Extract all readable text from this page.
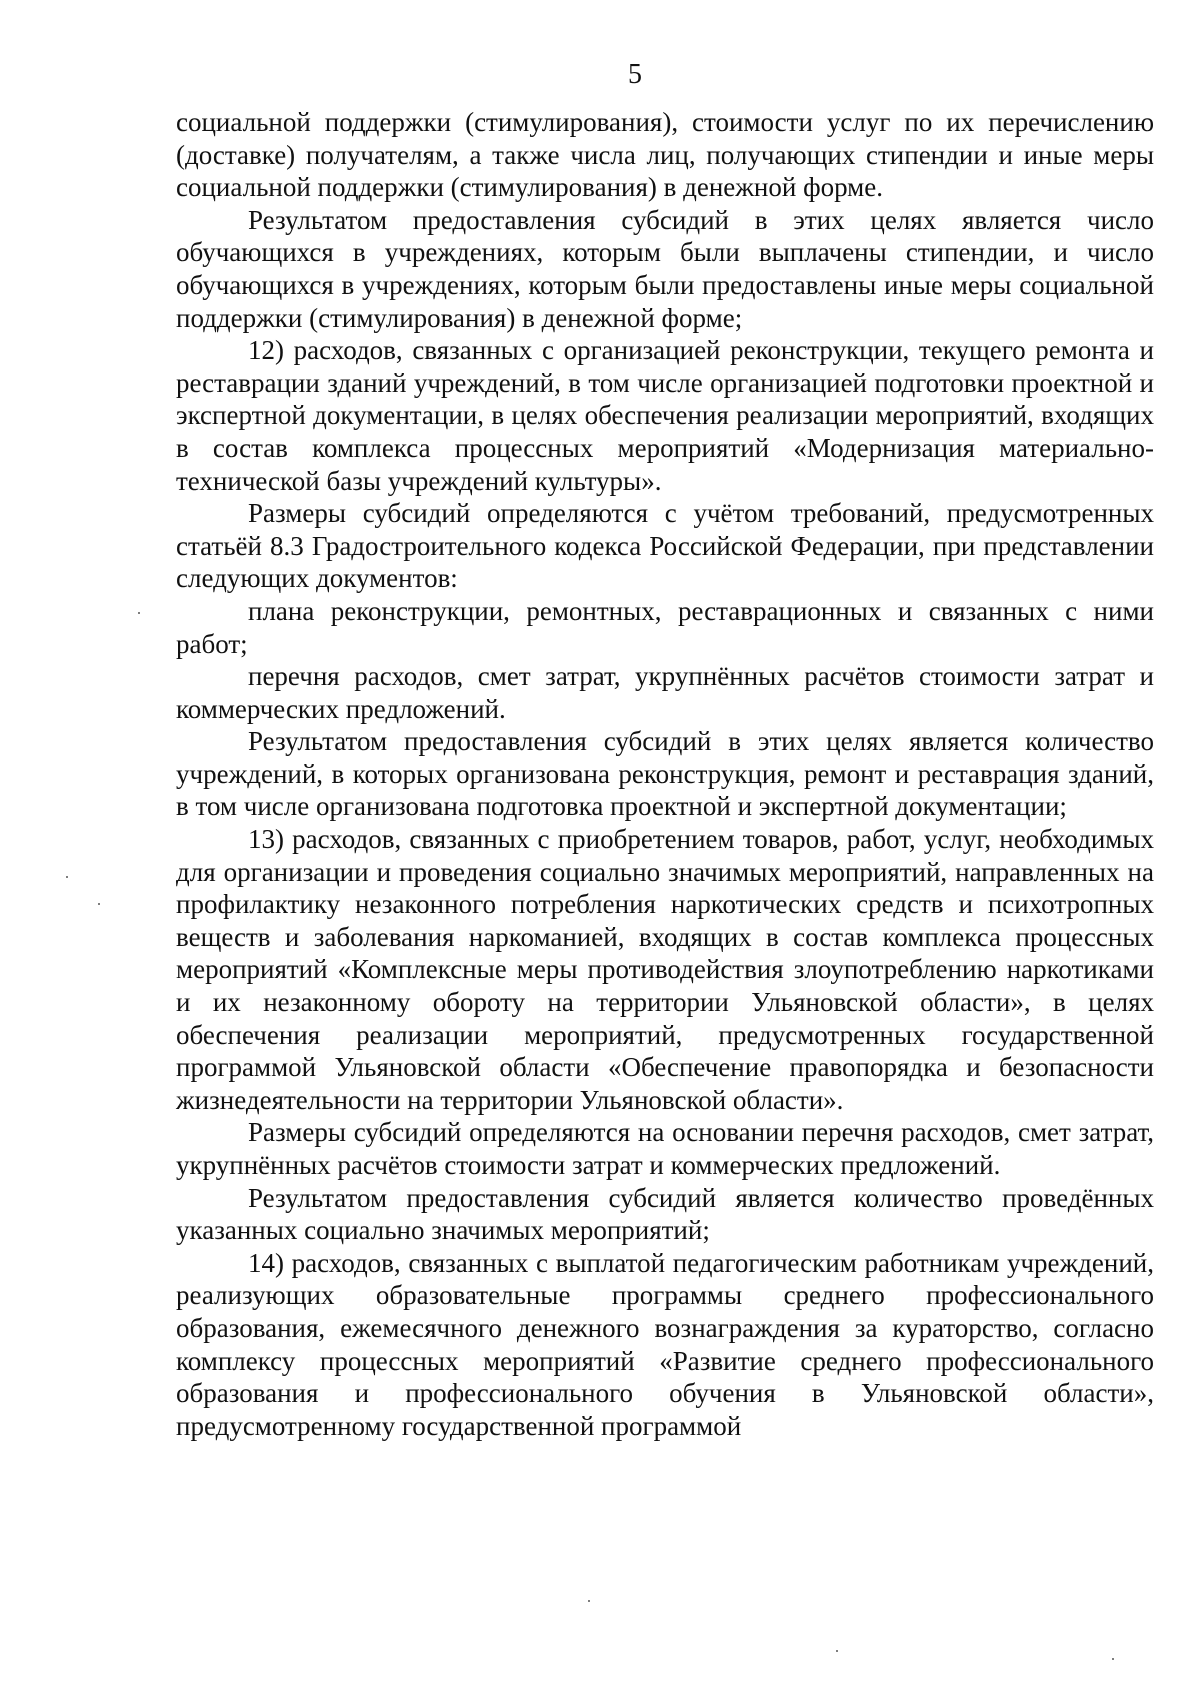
5

социальной поддержки (стимулирования), стоимости услуг по их перечислению (доставке) получателям, а также числа лиц, получающих стипендии и иные меры социальной поддержки (стимулирования) в денежной форме.

Результатом предоставления субсидий в этих целях является число обучающихся в учреждениях, которым были выплачены стипендии, и число обучающихся в учреждениях, которым были предоставлены иные меры социальной поддержки (стимулирования) в денежной форме;

12) расходов, связанных с организацией реконструкции, текущего ремонта и реставрации зданий учреждений, в том числе организацией подготовки проектной и экспертной документации, в целях обеспечения реализации мероприятий, входящих в состав комплекса процессных мероприятий «Модернизация материально-технической базы учреждений культуры».

Размеры субсидий определяются с учётом требований, предусмотренных статьёй 8.3 Градостроительного кодекса Российской Федерации, при представлении следующих документов:

плана реконструкции, ремонтных, реставрационных и связанных с ними работ;

перечня расходов, смет затрат, укрупнённых расчётов стоимости затрат и коммерческих предложений.

Результатом предоставления субсидий в этих целях является количество учреждений, в которых организована реконструкция, ремонт и реставрация зданий, в том числе организована подготовка проектной и экспертной документации;

13) расходов, связанных с приобретением товаров, работ, услуг, необходимых для организации и проведения социально значимых мероприятий, направленных на профилактику незаконного потребления наркотических средств и психотропных веществ и заболевания наркоманией, входящих в состав комплекса процессных мероприятий «Комплексные меры противодействия злоупотреблению наркотиками и их незаконному обороту на территории Ульяновской области», в целях обеспечения реализации мероприятий, предусмотренных государственной программой Ульяновской области «Обеспечение правопорядка и безопасности жизнедеятельности на территории Ульяновской области».

Размеры субсидий определяются на основании перечня расходов, смет затрат, укрупнённых расчётов стоимости затрат и коммерческих предложений.

Результатом предоставления субсидий является количество проведённых указанных социально значимых мероприятий;

14) расходов, связанных с выплатой педагогическим работникам учреждений, реализующих образовательные программы среднего профессионального образования, ежемесячного денежного вознаграждения за кураторство, согласно комплексу процессных мероприятий «Развитие среднего профессионального образования и профессионального обучения в Ульяновской области», предусмотренному государственной программой
